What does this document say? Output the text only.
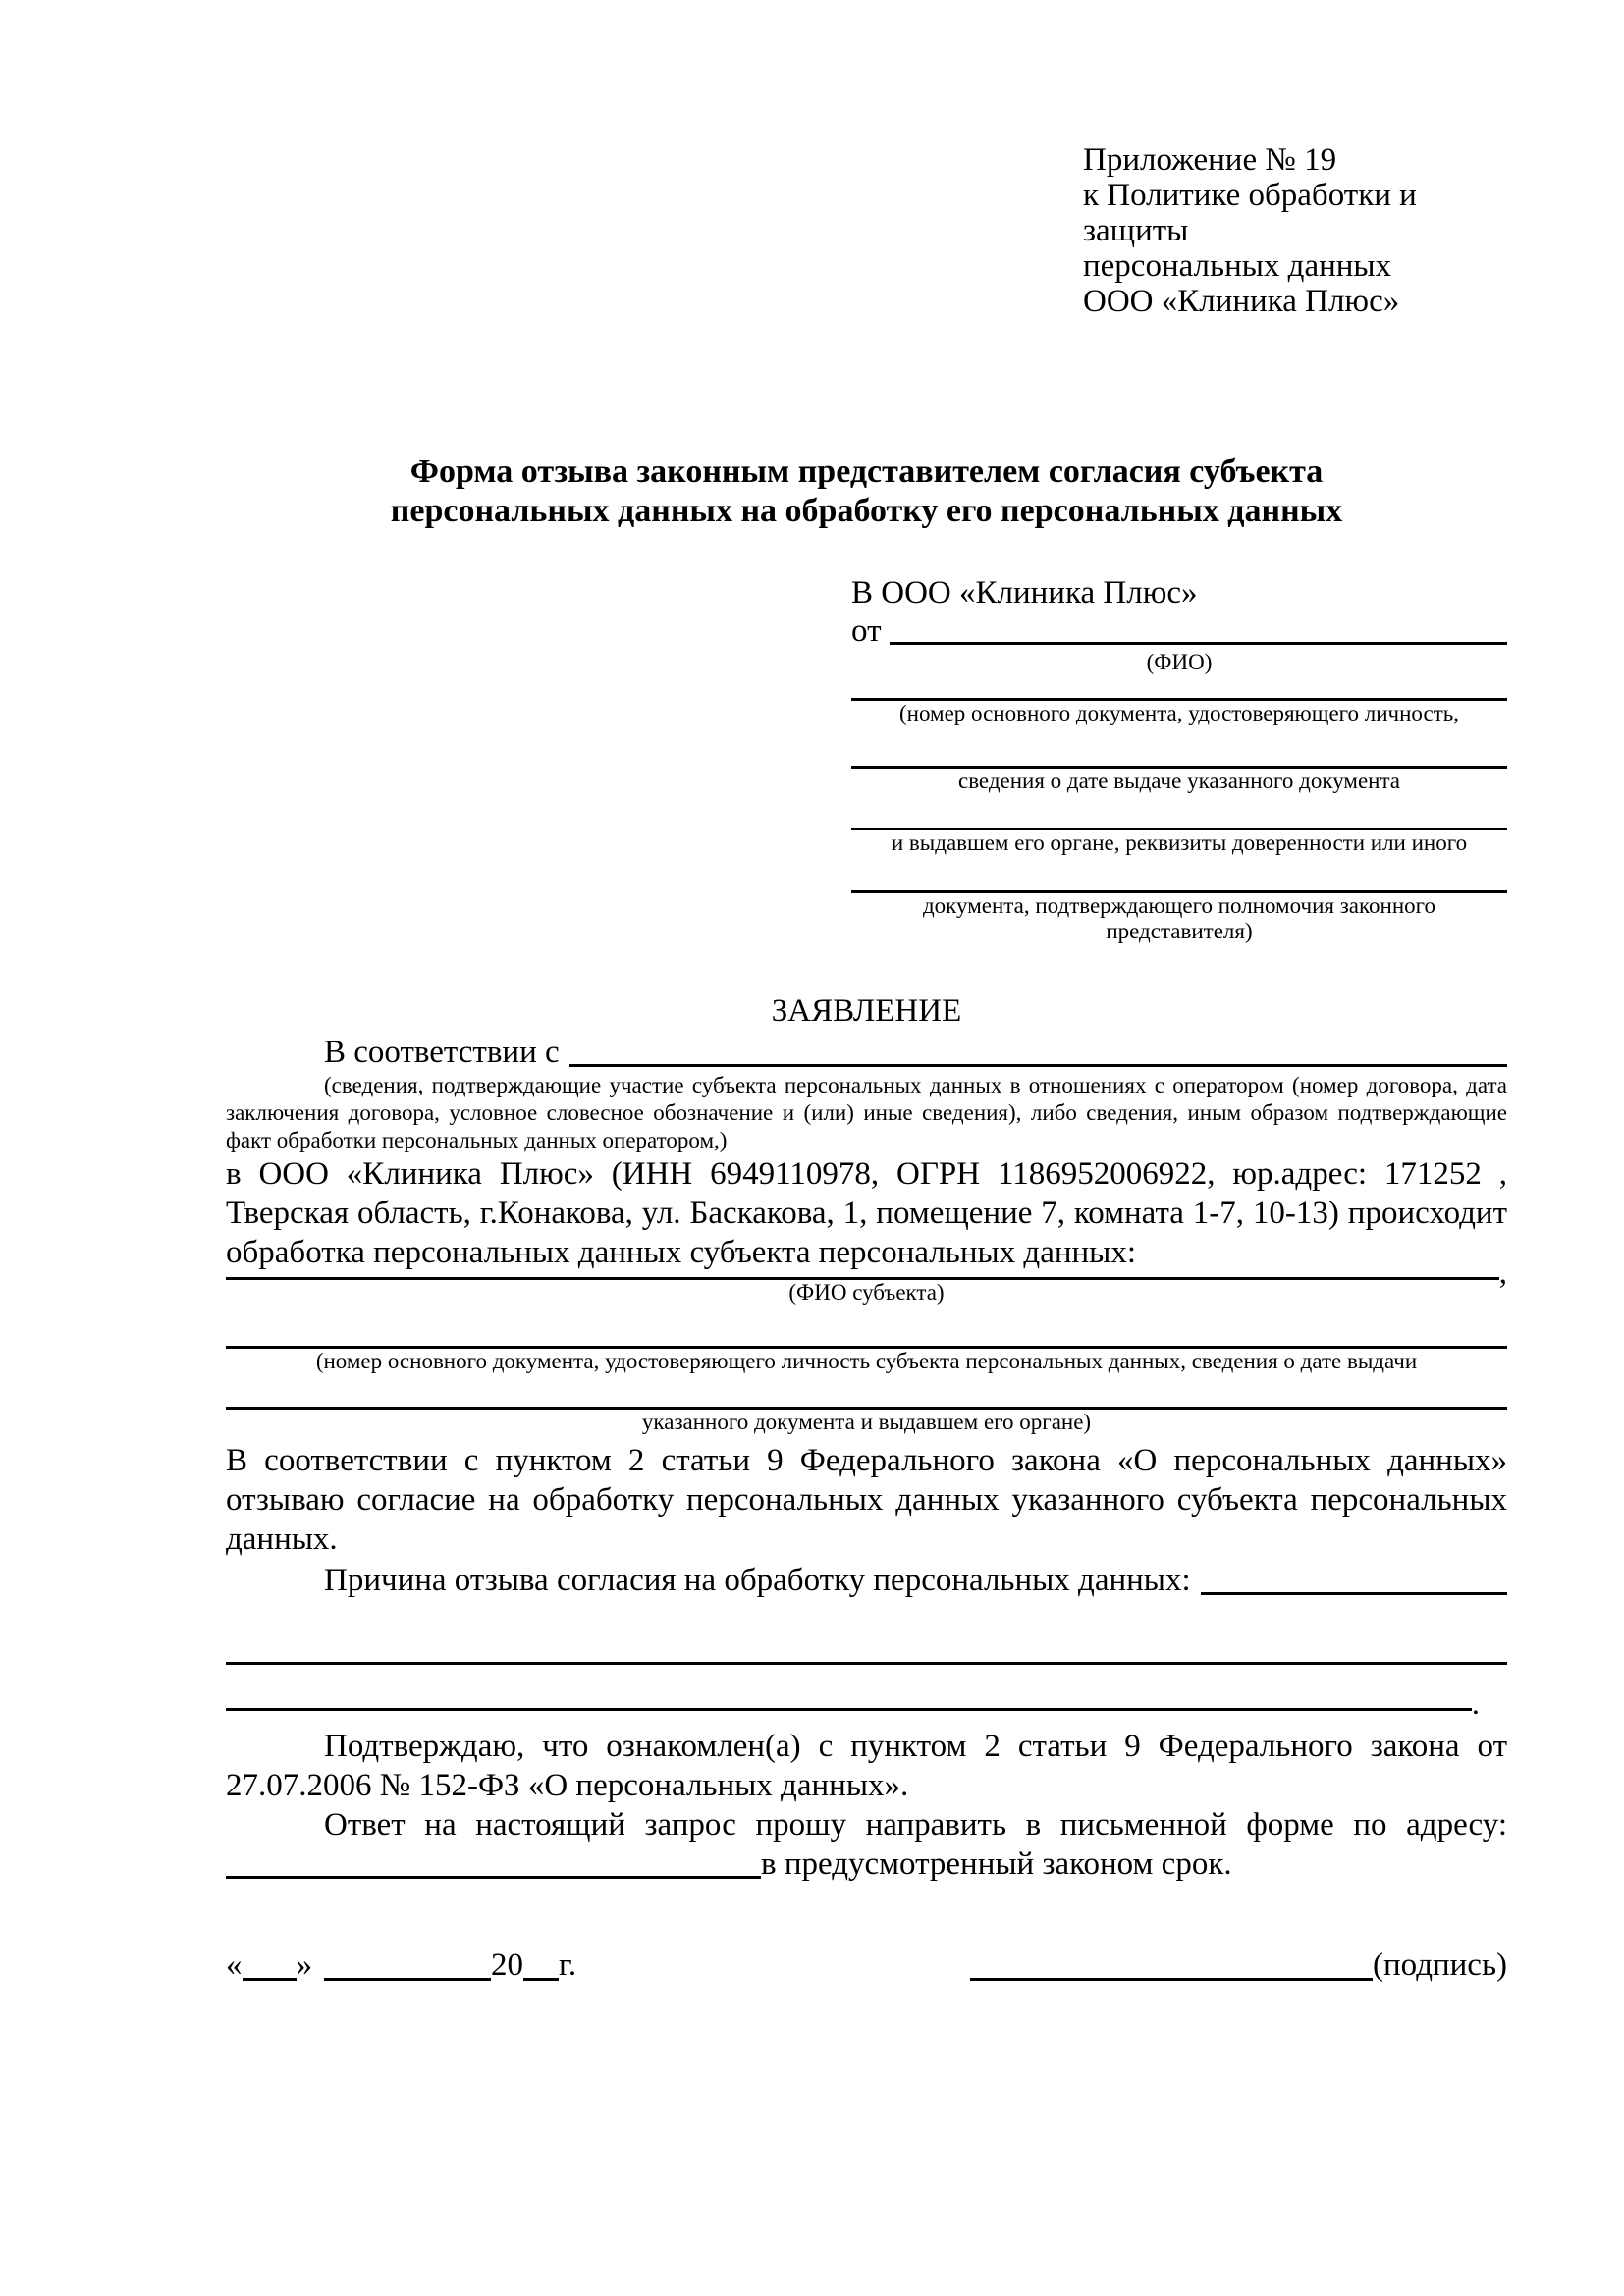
Приложение № 19
к Политике обработки и защиты
персональных данных
ООО «Клиника Плюс»
Форма отзыва законным представителем согласия субъекта
персональных данных на обработку его персональных данных
В ООО «Клиника Плюс»
от
(ФИО)
(номер основного документа, удостоверяющего личность,
сведения о дате выдаче указанного документа
и выдавшем его органе, реквизиты доверенности или иного
документа, подтверждающего полномочия законного представителя)
ЗАЯВЛЕНИЕ
В соответствии с
(сведения, подтверждающие участие субъекта персональных данных в отношениях с оператором (номер договора, дата заключения договора, условное словесное обозначение и (или) иные сведения), либо сведения, иным образом подтверждающие факт обработки персональных данных оператором,)

в ООО «Клиника Плюс» (ИНН 6949110978, ОГРН 1186952006922, юр.адрес: 171252 , Тверская область, г.Конакова, ул. Баскакова, 1, помещение 7, комната 1-7, 10-13) происходит обработка персональных данных субъекта персональных данных:

,
(ФИО субъекта)
(номер основного документа, удостоверяющего личность субъекта персональных данных, сведения о дате выдачи
указанного документа и выдавшем его органе)

В соответствии с пунктом 2 статьи 9 Федерального закона «О персональных данных» отзываю согласие на обработку персональных данных указанного субъекта персональных данных.

Причина отзыва согласия на обработку персональных данных:
.

Подтверждаю, что ознакомлен(а) с пунктом 2 статьи 9 Федерального закона от 27.07.2006 № 152-ФЗ «О персональных данных».

Ответ на настоящий запрос прошу направить в письменной форме по адресу:
в предусмотренный законом срок.
« »	20 г.	(подпись)
